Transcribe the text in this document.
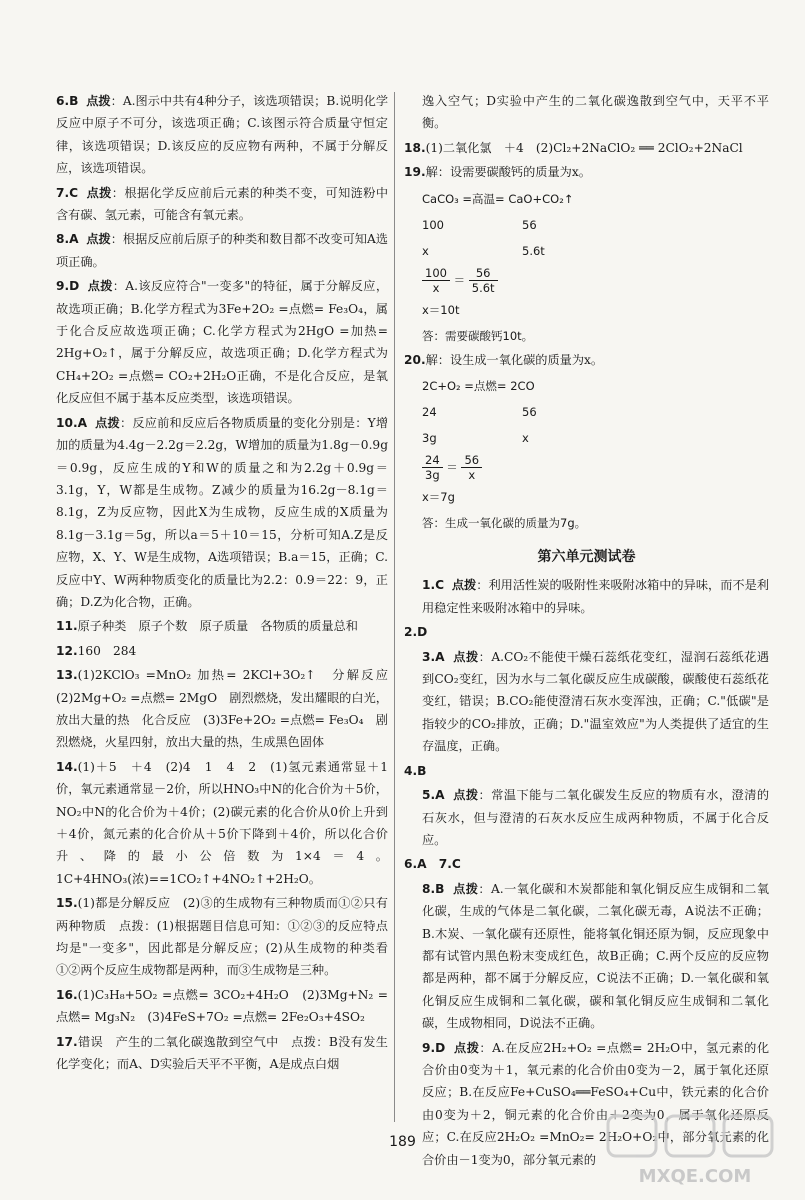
6.B 点拨：A.图示中共有4种分子，该选项错误；B.说明化学反应中原子不可分，该选项正确；C.该图示符合质量守恒定律，该选项错误；D.该反应的反应物有两种，不属于分解反应，该选项错误。

7.C 点拨：根据化学反应前后元素的种类不变，可知涟粉中含有碳、氢元素，可能含有氧元素。

8.A 点拨：根据反应前后原子的种类和数目都不改变可知A选项正确。

9.D 点拨：A.该反应符合"一变多"的特征，属于分解反应，故选项正确；B.化学方程式为3Fe+2O₂ =点燃= Fe₃O₄，属于化合反应故选项正确；C.化学方程式为2HgO =加热= 2Hg+O₂↑，属于分解反应，故选项正确；D.化学方程式为CH₄+2O₂ =点燃= CO₂+2H₂O正确，不是化合反应，是氧化反应但不属于基本反应类型，该选项错误。

10.A 点拨：反应前和反应后各物质质量的变化分别是：Y增加的质量为4.4g－2.2g＝2.2g，W增加的质量为1.8g－0.9g＝0.9g，反应生成的Y和W的质量之和为2.2g＋0.9g＝3.1g，Y，W都是生成物。Z减少的质量为16.2g－8.1g＝8.1g，Z为反应物，因此X为生成物，反应生成的X质量为8.1g－3.1g＝5g，所以a＝5＋10＝15，分析可知A.Z是反应物，X、Y、W是生成物，A选项错误；B.a＝15，正确；C.反应中Y、W两种物质变化的质量比为2.2：0.9＝22：9，正确；D.Z为化合物，正确。

11.原子种类　原子个数　原子质量　各物质的质量总和

12.160　284

13.(1)2KClO₃ =MnO₂ 加热= 2KCl+3O₂↑　分解反应　(2)2Mg+O₂ =点燃= 2MgO　剧烈燃烧，发出耀眼的白光，放出大量的热　化合反应　(3)3Fe+2O₂ =点燃= Fe₃O₄　剧烈燃烧，火星四射，放出大量的热，生成黑色固体

14.(1)＋5　＋4　(2)4　1　4　2　(1)氢元素通常显＋1价，氧元素通常显－2价，所以HNO₃中N的化合价为＋5价，NO₂中N的化合价为＋4价；(2)碳元素的化合价从0价上升到＋4价，氮元素的化合价从＋5价下降到＋4价，所以化合价升、降的最小公倍数为1×4＝4。1C+4HNO₃(浓)==1CO₂↑+4NO₂↑+2H₂O。

15.(1)都是分解反应　(2)③的生成物有三种物质而①②只有两种物质　点拨：(1)根据题目信息可知：①②③的反应特点均是"一变多"，因此都是分解反应；(2)从生成物的种类看①②两个反应生成物都是两种，而③生成物是三种。

16.(1)C₃H₈+5O₂ =点燃= 3CO₂+4H₂O　(2)3Mg+N₂ =点燃= Mg₃N₂　(3)4FeS+7O₂ =点燃= 2Fe₂O₃+4SO₂

17.错误　产生的二氧化碳逸散到空气中　点拨：B没有发生化学变化；而A、D实验后天平不平衡，A是成点白烟

逸入空气；D实验中产生的二氧化碳逸散到空气中，天平不平衡。

18.(1)二氧化氯　＋4　(2)Cl₂+2NaClO₂ ══ 2ClO₂+2NaCl

19.解：设需要碳酸钙的质量为x。

CaCO₃ =高温= CaO+CO₂↑
100	56
x	5.6t
$\frac{100}{x} = \frac{56}{5.6t}$
x＝10t
答：需要碳酸钙10t。

20.解：设生成一氧化碳的质量为x。

2C+O₂ =点燃= 2CO
24	56
3g	x
$\frac{24}{3g} = \frac{56}{x}$
x＝7g
答：生成一氧化碳的质量为7g。
第六单元测试卷

1.C 点拨：利用活性炭的吸附性来吸附冰箱中的异味，而不是利用稳定性来吸附冰箱中的异味。

2.D

3.A 点拨：A.CO₂不能使干燥石蕊纸花变红，湿润石蕊纸花遇到CO₂变红，因为水与二氧化碳反应生成碳酸，碳酸使石蕊纸花变红，错误；B.CO₂能使澄清石灰水变浑浊，正确；C."低碳"是指较少的CO₂排放，正确；D."温室效应"为人类提供了适宜的生存温度，正确。

4.B

5.A 点拨：常温下能与二氧化碳发生反应的物质有水，澄清的石灰水，但与澄清的石灰水反应生成两种物质，不属于化合反应。

6.A　7.C

8.B 点拨：A.一氧化碳和木炭都能和氧化铜反应生成铜和二氧化碳，生成的气体是二氧化碳，二氧化碳无毒，A说法不正确；B.木炭、一氧化碳有还原性，能将氧化铜还原为铜，反应现象中都有试管内黑色粉末变成红色，故B正确；C.两个反应的反应物都是两种，都不属于分解反应，C说法不正确；D.一氧化碳和氧化铜反应生成铜和二氧化碳，碳和氧化铜反应生成铜和二氧化碳，生成物相同，D说法不正确。

9.D 点拨：A.在反应2H₂+O₂ =点燃= 2H₂O中，氢元素的化合价由0变为＋1，氧元素的化合价由0变为－2，属于氧化还原反应；B.在反应Fe+CuSO₄══FeSO₄+Cu中，铁元素的化合价由0变为＋2，铜元素的化合价由＋2变为0，属于氧化还原反应；C.在反应2H₂O₂ =MnO₂= 2H₂O+O₂中，部分氧元素的化合价由－1变为0，部分氧元素的

189
MXQE.COM
